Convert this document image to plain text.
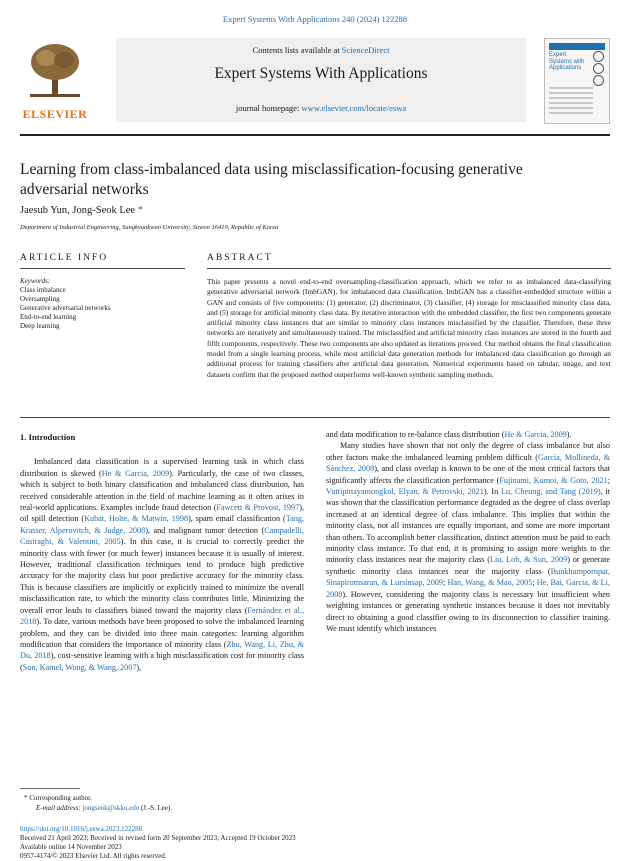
Expert Systems With Applications 240 (2024) 122288
ELSEVIER
Contents lists available at ScienceDirect
Expert Systems With Applications
journal homepage: www.elsevier.com/locate/eswa
Expert Systems with Applications
Learning from class-imbalanced data using misclassification-focusing generative adversarial networks
Jaesub Yun, Jong-Seok Lee *
Department of Industrial Engineering, Sungkyunkwan University, Suwon 16419, Republic of Korea
ARTICLE INFO	ABSTRACT
Keywords:
Class imbalance
Oversampling
Generative adversarial networks
End-to-end learning
Deep learning
This paper presents a novel end-to-end oversampling-classification approach, which we refer to as imbalanced data-classifying generative adversarial network (ImbGAN), for imbalanced data classification. ImbGAN has a classifier-embedded structure within a GAN and consists of five components: (1) generator, (2) discriminator, (3) classifier, (4) storage for misclassified minority class data, and (5) storage for artificial minority class data. By iterative interaction with the embedded classifier, the first two components generate artificial minority class instances that are similar to minority class instances misclassified by the classifier. Therefore, these three networks are iteratively and simultaneously trained. The misclassified and artificial minority class instances are stored in the fourth and fifth components, respectively. These two components are also updated as iterations proceed. Our method obtains the final classification model from a single learning process, while most artificial data generation methods for imbalanced data classification go through an additional process for training classifiers after artificial data generation. Numerical experiments based on tabular, image, and text datasets confirm that the proposed method outperforms well-known synthetic sampling methods.

1. Introduction

Imbalanced data classification is a supervised learning task in which class distribution is skewed (He & Garcia, 2009). Particularly, the case of two classes, which is subject to both binary classification and imbalanced class distribution, has received considerable attention in the field of machine learning as it often arises in real-world applications. Examples include fraud detection (Fawcett & Provost, 1997), oil spill detection (Kubat, Holte, & Matwin, 1998), spam email classification (Tang, Krasser, Alperovitch, & Judge, 2008), and malignant tumor detection (Campadelli, Casiraghi, & Valentini, 2005). In this case, it is crucial to correctly predict the minority class with fewer (or much fewer) instances because it is usually of interest. However, traditional classification techniques tend to produce high predictive accuracy for the majority class but poor predictive accuracy for the minority class. This is because classifiers are implicitly or explicitly trained to minimize the overall misclassification rate, to which the minority class contributes little. Minimizing the overall error leads to classifiers biased toward the majority class (Fernández et al., 2018). To date, various methods have been proposed to solve the imbalanced learning problem, and they can be divided into three main categories: learning algorithm modification that considers the importance of minority class (Zhu, Wang, Li, Zhu, & Du, 2018), cost-sensitive learning with a high misclassification cost for minority class (Sun, Kamel, Wong, & Wang, 2007),

and data modification to re-balance class distribution (He & Garcia, 2009).

Many studies have shown that not only the degree of class imbalance but also other factors make the imbalanced learning problem difficult (García, Mollineda, & Sánchez, 2008), and class overlap is known to be one of the most critical factors that significantly affects the classification performance (Fujinami, Kumoi, & Goto, 2021; Vuttipittayamongkol, Elyan, & Petrovski, 2021). In Lu, Cheung, and Tang (2019), it was shown that the classification performance degraded as the degree of class overlap increased at an identical degree of class imbalance. This implies that within the minority class, not all instances are equally important, and some are more important than others. To accomplish better classification, distinct attention must be paid to each minority class instance. To that end, it is promising to assign more weights to the minority class instances near the majority class (Liu, Loh, & Sun, 2009) or generate synthetic minority class instances near the majority class (Bunkhumpornpat, Sinapiromsaran, & Lursinsap, 2009; Han, Wang, & Mao, 2005; He, Bai, Garcia, & Li, 2008). However, considering the majority class is necessary but insufficient when weighting instances or generating synthetic instances because it does not inevitably direct to obtaining a good classifier owing to its disconnection to classifier training. We must identify which instances

* Corresponding author.
E-mail address: jongseok@skku.edu (J.-S. Lee).
https://doi.org/10.1016/j.eswa.2023.122288
Received 21 April 2023; Received in revised form 20 September 2023; Accepted 19 October 2023
Available online 14 November 2023
0957-4174/© 2023 Elsevier Ltd. All rights reserved.
